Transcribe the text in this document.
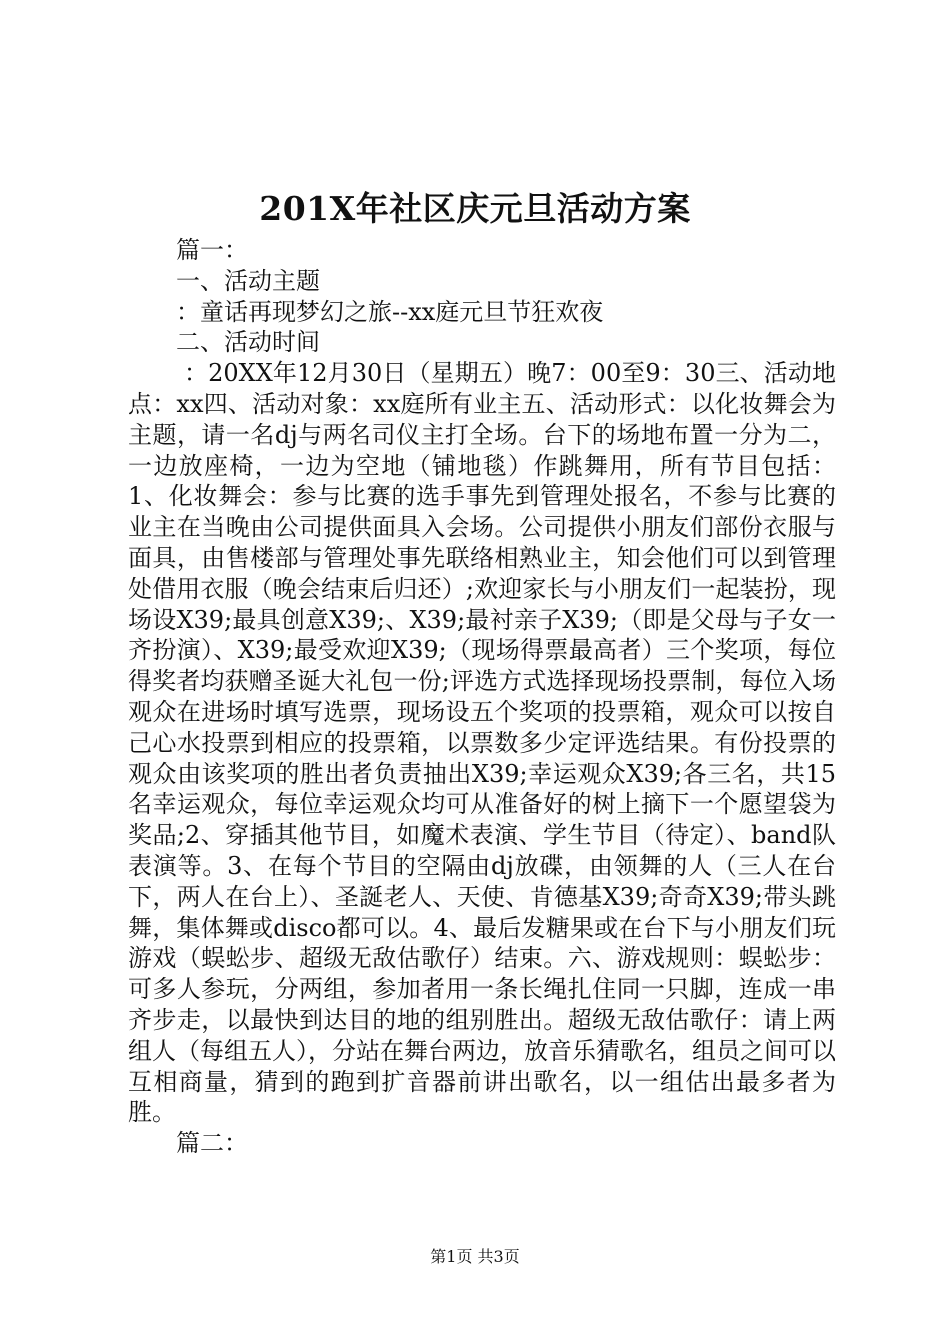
201X年社区庆元旦活动方案

篇一：

一、活动主题

：童话再现梦幻之旅--xx庭元旦节狂欢夜

二、活动时间

：20XX年12月30日（星期五）晚7：00至9：30三、活动地点：xx四、活动对象：xx庭所有业主五、活动形式：以化妆舞会为主题，请一名dj与两名司仪主打全场。台下的场地布置一分为二，一边放座椅，一边为空地（铺地毯）作跳舞用，所有节目包括：1、化妆舞会：参与比赛的选手事先到管理处报名，不参与比赛的业主在当晚由公司提供面具入会场。公司提供小朋友们部份衣服与面具，由售楼部与管理处事先联络相熟业主，知会他们可以到管理处借用衣服（晚会结束后归还）;欢迎家长与小朋友们一起装扮，现场设X39;最具创意X39;、X39;最衬亲子X39;（即是父母与子女一齐扮演）、X39;最受欢迎X39;（现场得票最高者）三个奖项，每位得奖者均获赠圣诞大礼包一份;评选方式选择现场投票制，每位入场观众在进场时填写选票，现场设五个奖项的投票箱，观众可以按自己心水投票到相应的投票箱，以票数多少定评选结果。有份投票的观众由该奖项的胜出者负责抽出X39;幸运观众X39;各三名，共15名幸运观众，每位幸运观众均可从准备好的树上摘下一个愿望袋为奖品;2、穿插其他节目，如魔术表演、学生节目（待定）、band队表演等。3、在每个节目的空隔由dj放碟，由领舞的人（三人在台下，两人在台上）、圣誕老人、天使、肯德基X39;奇奇X39;带头跳舞，集体舞或disco都可以。4、最后发糖果或在台下与小朋友们玩游戏（蜈蚣步、超级无敌估歌仔）结束。六、游戏规则：蜈蚣步：可多人参玩，分两组，参加者用一条长绳扎住同一只脚，连成一串齐步走，以最快到达目的地的组别胜出。超级无敌估歌仔：请上两组人（每组五人），分站在舞台两边，放音乐猜歌名，组员之间可以互相商量，猜到的跑到扩音器前讲出歌名，以一组估出最多者为胜。

篇二：

第1页 共3页
